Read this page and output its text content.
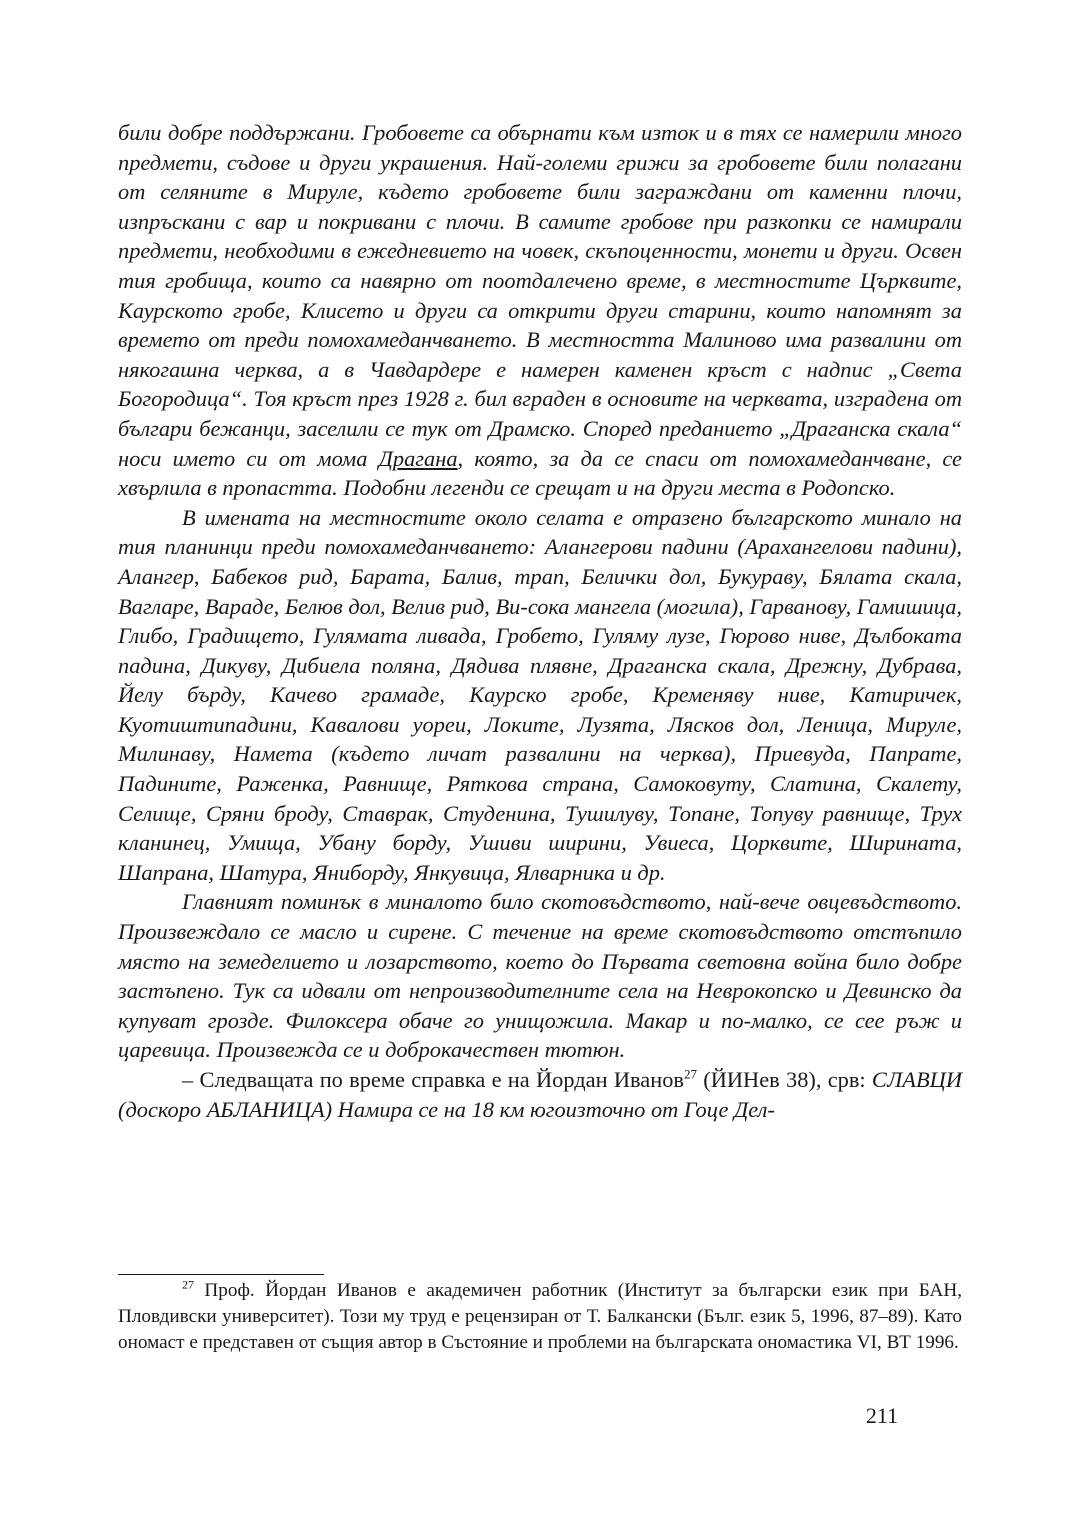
били добре поддържани. Гробовете са обърнати към изток и в тях се намерили много предмети, съдове и други украшения. Най-големи грижи за гробовете били полагани от селяните в Мируле, където гробовете били заграждани от каменни плочи, изпръскани с вар и покривани с плочи. В самите гробове при разкопки се намирали предмети, необходими в ежедневието на човек, скъпоценности, монети и други. Освен тия гробища, които са навярно от поотдалечено време, в местностите Църквите, Каурското гробе, Клисето и други са открити други старини, които напомнят за времето от преди помохамеданчването. В местността Малиново има развалини от някогашна черква, а в Чавдардере е намерен каменен кръст с надпис „Света Богородица“. Тоя кръст през 1928 г. бил вграден в основите на черквата, изградена от българи бежанци, заселили се тук от Драмско. Според преданието „Драганска скала“ носи името си от мома Драгана, която, за да се спаси от помохамеданчване, се хвърлила в пропастта. Подобни легенди се срещат и на други места в Родопско.

В имената на местностите около селата е отразено българското минало на тия планинци преди помохамеданчването: Алангерови падини (Арахангелови падини), Алангер, Бабеков рид, Барата, Балив, трап, Белички дол, Букураву, Бялата скала, Вагларе, Вараде, Белюв дол, Велив рид, Ви-сока мангела (могила), Гарванову, Гамишица, Глибо, Градището, Гулямата ливада, Гробето, Гуляму лузе, Гюрово ниве, Дълбоката падина, Дикуву, Дибиела поляна, Дядива плявне, Драганска скала, Дрежну, Дубрава, Йелу бърду, Качево грамаде, Каурско гробе, Кременяву ниве, Катиричек, Куотиштипадини, Кавалови уореи, Локите, Лузята, Лясков дол, Леница, Мируле, Милинаву, Намета (където личат развалини на черква), Приевуда, Папрате, Падините, Раженка, Равнище, Ряткова страна, Самоковуту, Слатина, Скалету, Селище, Сряни броду, Ставрак, Студенина, Тушилуву, Топане, Топуву равнище, Трух кланинец, Умища, Убану борду, Ушиви ширини, Увиеса, Цорквите, Ширината, Шапрана, Шатура, Яниборду, Янкувица, Ялварника и др.

Главният поминък в миналото било скотовъдството, най-вече овцевъдството. Произвеждало се масло и сирене. С течение на време скотовъдството отстъпило място на земеделието и лозарството, което до Първата световна война било добре застъпено. Тук са идвали от непроизводителните села на Неврокопско и Девинско да купуват грозде. Филоксера обаче го унищожила. Макар и по-малко, се сее ръж и царевица. Произвежда се и доброкачествен тютюн.

– Следващата по време справка е на Йордан Иванов$^{27}$ (ЙИНев 38), срв: СЛАВЦИ (доскоро АБЛАНИЦА) Намира се на 18 км югоизточно от Гоце Дел-

$^{27}$ Проф. Йордан Иванов е академичен работник (Институт за български език при БАН, Пловдивски университет). Този му труд е рецензиран от Т. Балкански (Бълг. език 5, 1996, 87–89). Като ономаст е представен от същия автор в Състояние и проблеми на българската ономастика VI, ВТ 1996.
211
